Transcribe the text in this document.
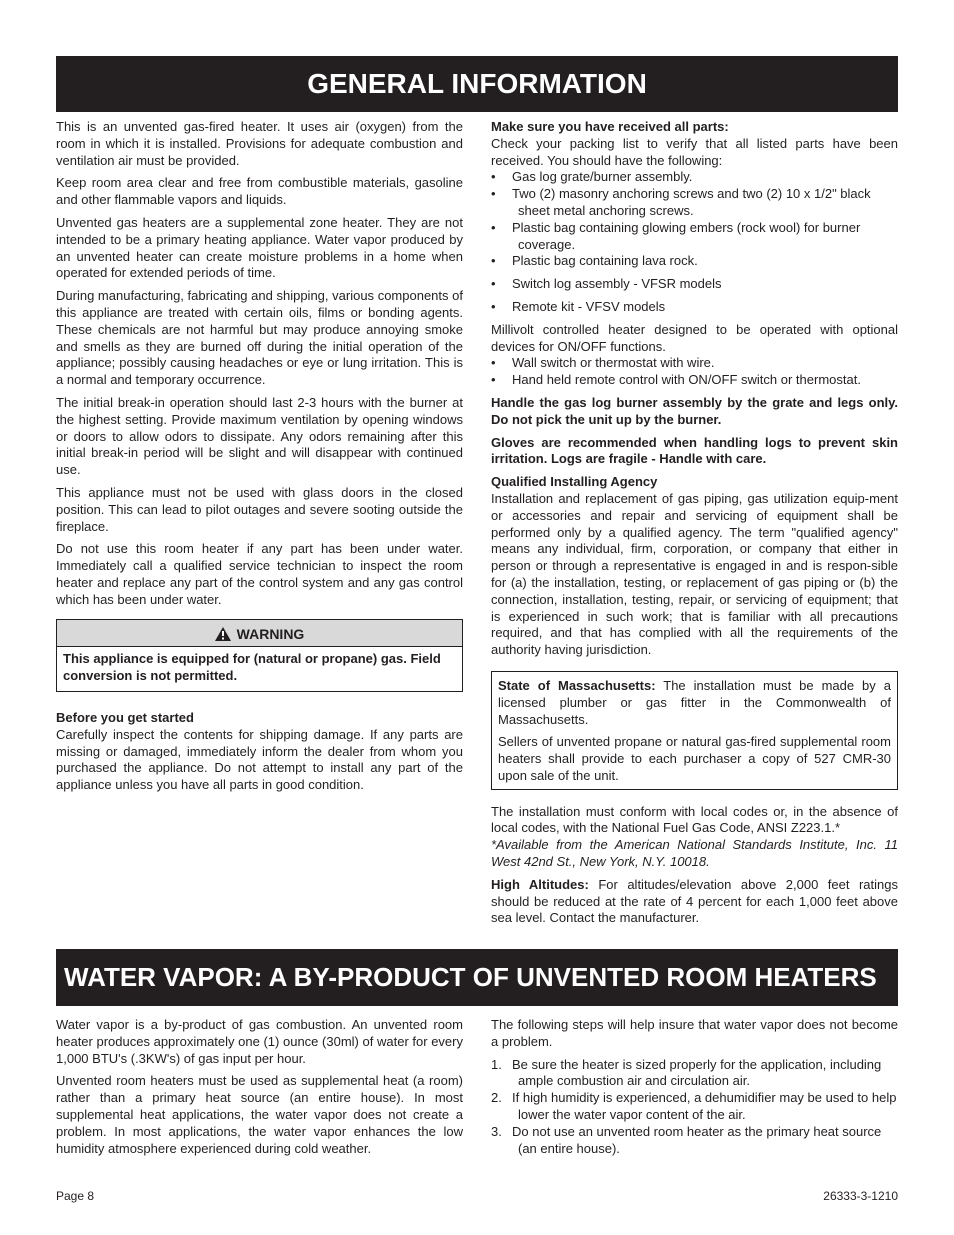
GENERAL INFORMATION

This is an unvented gas-fired heater. It uses air (oxygen) from the room in which it is installed. Provisions for adequate combustion and ventilation air must be provided.

Keep room area clear and free from combustible materials, gasoline and other flammable vapors and liquids.

Unvented gas heaters are a supplemental zone heater. They are not intended to be a primary heating appliance. Water vapor produced by an unvented heater can create moisture problems in a home when operated for extended periods of time.

During manufacturing, fabricating and shipping, various components of this appliance are treated with certain oils, films or bonding agents. These chemicals are not harmful but may produce annoying smoke and smells as they are burned off during the initial operation of the appliance; possibly causing headaches or eye or lung irritation. This is a normal and temporary occurrence.

The initial break-in operation should last 2-3 hours with the burner at the highest setting. Provide maximum ventilation by opening windows or doors to allow odors to dissipate. Any odors remaining after this initial break-in period will be slight and will disappear with continued use.

This appliance must not be used with glass doors in the closed position. This can lead to pilot outages and severe sooting outside the fireplace.

Do not use this room heater if any part has been under water. Immediately call a qualified service technician to inspect the room heater and replace any part of the control system and any gas control which has been under water.

WARNING
This appliance is equipped for (natural or propane) gas. Field conversion is not permitted.
Before you get started

Carefully inspect the contents for shipping damage. If any parts are missing or damaged, immediately inform the dealer from whom you purchased the appliance. Do not attempt to install any part of the appliance unless you have all parts in good condition.

Make sure you have received all parts:

Check your packing list to verify that all listed parts have been received. You should have the following:

• Gas log grate/burner assembly.
• Two (2) masonry anchoring screws and two (2) 10 x 1/2" black sheet metal anchoring screws.
• Plastic bag containing glowing embers (rock wool) for burner coverage.
• Plastic bag containing lava rock.
• Switch log assembly - VFSR models
• Remote kit - VFSV models

Millivolt controlled heater designed to be operated with optional devices for ON/OFF functions.

• Wall switch or thermostat with wire.
• Hand held remote control with ON/OFF switch or thermostat.

Handle the gas log burner assembly by the grate and legs only. Do not pick the unit up by the burner.

Gloves are recommended when handling logs to prevent skin irritation. Logs are fragile - Handle with care.

Qualified Installing Agency

Installation and replacement of gas piping, gas utilization equip-ment or accessories and repair and servicing of equipment shall be performed only by a qualified agency. The term "qualified agency" means any individual, firm, corporation, or company that either in person or through a representative is engaged in and is respon-sible for (a) the installation, testing, or replacement of gas piping or (b) the connection, installation, testing, repair, or servicing of equipment; that is experienced in such work; that is familiar with all precautions required, and that has complied with all the requirements of the authority having jurisdiction.

State of Massachusetts: The installation must be made by a licensed plumber or gas fitter in the Commonwealth of Massachusetts.

Sellers of unvented propane or natural gas-fired supplemental room heaters shall provide to each purchaser a copy of 527 CMR-30 upon sale of the unit.

The installation must conform with local codes or, in the absence of local codes, with the National Fuel Gas Code, ANSI Z223.1.*

*Available from the American National Standards Institute, Inc. 11 West 42nd St., New York, N.Y. 10018.

High Altitudes: For altitudes/elevation above 2,000 feet ratings should be reduced at the rate of 4 percent for each 1,000 feet above sea level. Contact the manufacturer.

WATER VAPOR: A BY-PRODUCT OF UNVENTED ROOM HEATERS

Water vapor is a by-product of gas combustion. An unvented room heater produces approximately one (1) ounce (30ml) of water for every 1,000 BTU's (.3KW's) of gas input per hour.

Unvented room heaters must be used as supplemental heat (a room) rather than a primary heat source (an entire house). In most supplemental heat applications, the water vapor does not create a problem. In most applications, the water vapor enhances the low humidity atmosphere experienced during cold weather.

The following steps will help insure that water vapor does not become a problem.

1. Be sure the heater is sized properly for the application, including ample combustion air and circulation air.
2. If high humidity is experienced, a dehumidifier may be used to help lower the water vapor content of the air.
3. Do not use an unvented room heater as the primary heat source (an entire house).
Page 8	26333-3-1210
